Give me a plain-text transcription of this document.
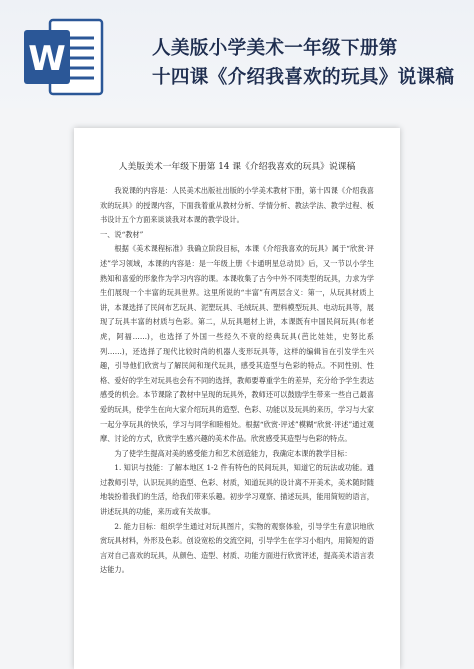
W	人美版小学美术一年级下册第
十四课《介绍我喜欢的玩具》说课稿
人美版美术一年级下册第 14 课《介绍我喜欢的玩具》说课稿

我说课的内容是：人民美术出版社出版的小学美术教材下册，第十四课《介绍我喜欢的玩具》的授课内容，下面我着重从教材分析、学情分析、教法学法、教学过程、板书设计五个方面来谈谈我对本课的教学设计。

一、说“教材”

根据《美术课程标准》我确立阶段目标，本课《介绍我喜欢的玩具》属于“欣赏·评述”学习领域，本课的内容是：是一年级上册《卡通明星总动员》后，又一节以小学生熟知和喜爱的形象作为学习内容的课。本课收集了古今中外不同类型的玩具，力求为学生们展现一个丰富的玩具世界。这里所说的“丰富”有两层含义：第一，从玩具材质上讲，本课选择了民间布艺玩具、泥塑玩具、毛绒玩具、塑料模型玩具、电动玩具等，展现了玩具丰富的材质与色彩。第二，从玩具题材上讲，本课既有中国民间玩具(布老虎，阿福……)，也选择了外国一些经久不衰的经典玩具(芭比娃娃，史努比系列……)，还选择了现代比较时尚的机器人变形玩具等，这样的编辑旨在引发学生兴趣，引导他们欣赏与了解民间和现代玩具，感受其造型与色彩的特点。不同性别、性格、爱好的学生对玩具也会有不同的选择，教师要尊重学生的差异，充分给予学生表达感受的机会。本节课除了教材中呈现的玩具外，教师还可以鼓励学生带来一些自己最喜爱的玩具，使学生在向大家介绍玩具的造型、色彩、功能以及玩具的来历，学习与大家一起分享玩具的快乐，学习与同学和睦相处。根据“欣赏·评述”模糊“欣赏·评述”通过观摩、讨论的方式，欣赏学生感兴趣的美术作品。欣赏感受其造型与色彩的特点。

为了使学生提高对美的感受能力和艺术创造能力，我确定本课的教学目标：

1. 知识与技能：了解本地区 1-2 件有特色的民间玩具，知道它的玩法或功能。通过教师引导，认识玩具的造型、色彩、材质，知道玩具的设计离不开美术，美术随时随地装扮着我们的生活，给我们带来乐趣。初步学习观察、描述玩具，能用简短的语言，讲述玩具的功能，来历或有关故事。

2. 能力目标：组织学生通过对玩具图片，实物的观察体验，引导学生有意识地欣赏玩具材料，外形及色彩。创设宽松的交流空间，引导学生在学习小组内，用简短的语言对自己喜欢的玩具，从颜色、造型、材质、功能方面进行欣赏评述，提高美术语言表达能力。
